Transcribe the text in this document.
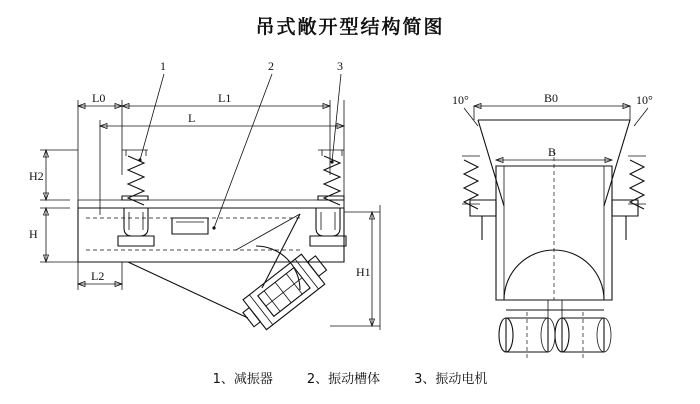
吊式敞开型结构简图
L0	L1
L
L2
H2
H
H1
1	2	3
B0
10°	10°
B
1、减振器	2、振动槽体	3、振动电机
